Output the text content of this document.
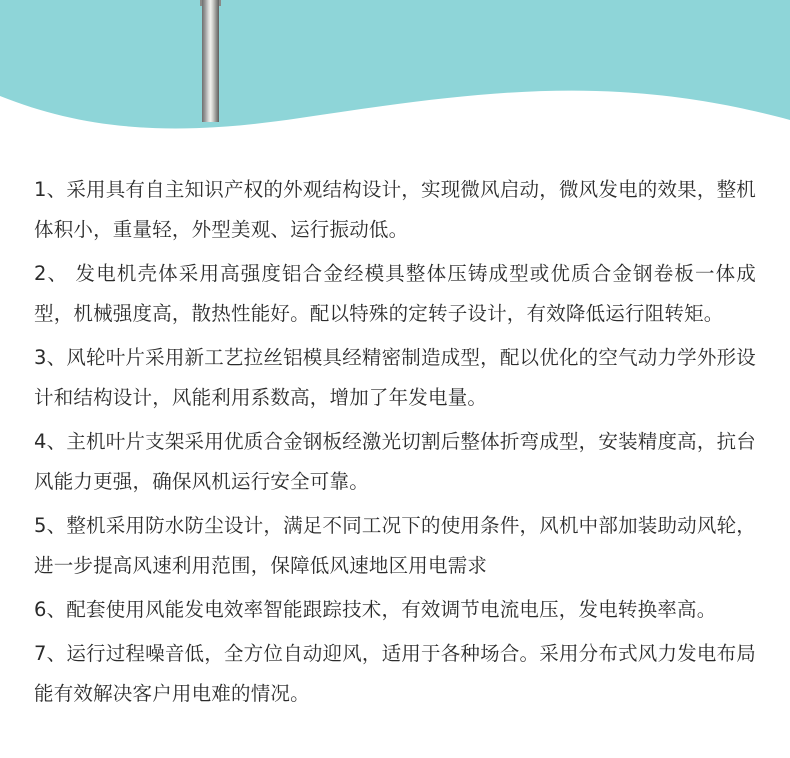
1、采用具有自主知识产权的外观结构设计，实现微风启动，微风发电的效果，整机体积小，重量轻，外型美观、运行振动低。

2、 发电机壳体采用高强度铝合金经模具整体压铸成型或优质合金钢卷板一体成型，机械强度高，散热性能好。配以特殊的定转子设计，有效降低运行阻转矩。

3、风轮叶片采用新工艺拉丝铝模具经精密制造成型，配以优化的空气动力学外形设计和结构设计，风能利用系数高，增加了年发电量。

4、主机叶片支架采用优质合金钢板经激光切割后整体折弯成型，安装精度高，抗台风能力更强，确保风机运行安全可靠。

5、整机采用防水防尘设计，满足不同工况下的使用条件，风机中部加装助动风轮，进一步提高风速利用范围，保障低风速地区用电需求

6、配套使用风能发电效率智能跟踪技术，有效调节电流电压，发电转换率高。

7、运行过程噪音低，全方位自动迎风，适用于各种场合。采用分布式风力发电布局能有效解决客户用电难的情况。
